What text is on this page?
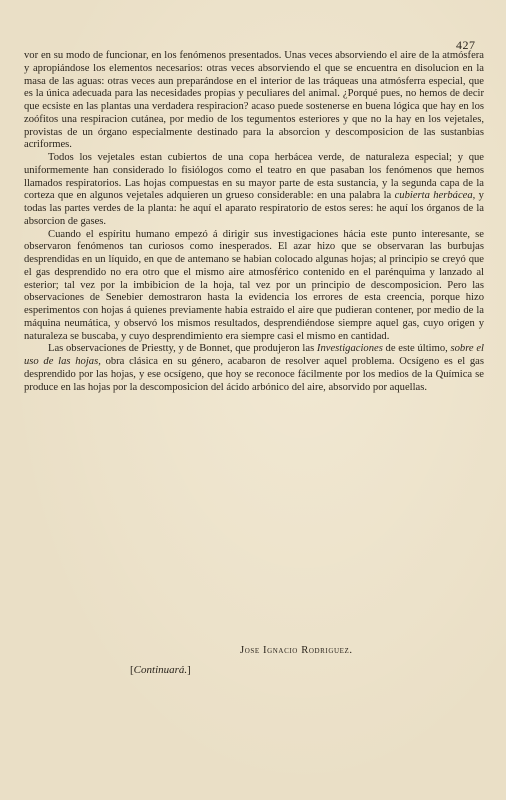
427

vor en su modo de funcionar, en los fenómenos presentados. Unas veces absorviendo el aire de la atmósfera y apropiándose los elementos necesarios: otras veces absorviendo el que se encuentra en disolucion en la masa de las aguas: otras veces aun preparándose en el interior de las tráqueas una atmósferra especial, que es la única adecuada para las necesidades propias y peculiares del animal. ¿Porqué pues, no hemos de decir que ecsiste en las plantas una verdadera respiracion? acaso puede sostenerse en buena lógica que hay en los zoófitos una respiracion cutánea, por medio de los tegumentos esteriores y que no la hay en los vejetales, provistas de un órgano especialmente destinado para la absorcion y descomposicion de las sustanbias acriformes.

Todos los vejetales estan cubiertos de una copa herbácea verde, de naturaleza especial; y que uniformemente han considerado lo fisiólogos como el teatro en que pasaban los fenómenos que hemos llamados respiratorios. Las hojas compuestas en su mayor parte de esta sustancia, y la segunda capa de la corteza que en algunos vejetales adquieren un grueso considerable: en una palabra la cubierta herbácea, y todas las partes verdes de la planta: he aquí el aparato respiratorio de estos seres: he aquí los órganos de la absorcion de gases.

Cuando el espíritu humano empezó á dirigir sus investigaciones hácia este punto interesante, se observaron fenómenos tan curiosos como inesperados. El azar hizo que se observaran las burbujas desprendidas en un líquido, en que de antemano se habian colocado algunas hojas; al principio se creyó que el gas desprendido no era otro que el mismo aire atmosférico contenido en el parénquima y lanzado al esterior; tal vez por la imbibicion de la hoja, tal vez por un principio de descomposicion. Pero las observaciones de Senebier demostraron hasta la evidencia los errores de esta creencia, porque hizo esperimentos con hojas á quienes previamente habia estraido el aire que pudieran contener, por medio de la máquina neumática, y observó los mismos resultados, desprendiéndose siempre aquel gas, cuyo origen y naturaleza se buscaba, y cuyo desprendimiento era siempre casi el mismo en cantidad.

Las observaciones de Priestty, y de Bonnet, que produjeron las Investigaciones de este último, sobre el uso de las hojas, obra clásica en su género, acabaron de resolver aquel problema. Ocsígeno es el gas desprendido por las hojas, y ese ocsígeno, que hoy se reconoce fácilmente por los medios de la Química se produce en las hojas por la descomposicion del ácido arbónico del aire, absorvido por aquellas.

Jose Ignacio Rodriguez.
[Continuará.]
